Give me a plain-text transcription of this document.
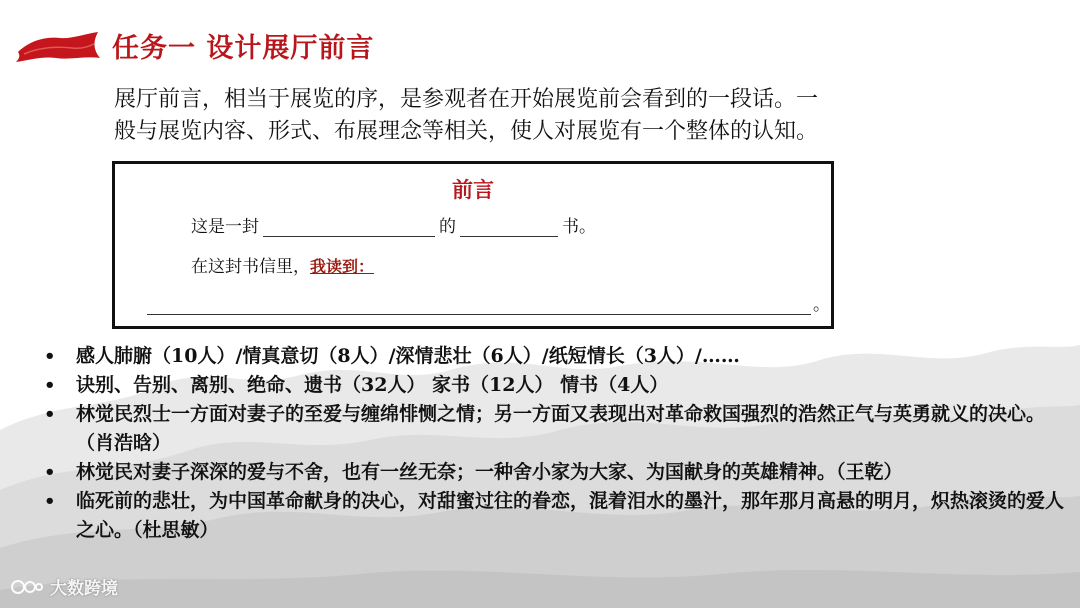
任务一 设计展厅前言

展厅前言，相当于展览的序，是参观者在开始展览前会看到的一段话。一
般与展览内容、形式、布展理念等相关，使人对展览有一个整体的认知。

前言
这是一封	的	书。
在这封书信里， 我读到：
。
• 感人肺腑（10人）/情真意切（8人）/深情悲壮（6人）/纸短情长（3人）/……
• 诀别、告别、离别、绝命、遗书（32人） 家书（12人） 情书（4人）
• 林觉民烈士一方面对妻子的至爱与缠绵悱恻之情；另一方面又表现出对革命救国强烈的浩然正气与英勇就义的决心。（肖浩晗）
• 林觉民对妻子深深的爱与不舍，也有一丝无奈；一种舍小家为大家、为国献身的英雄精神。（王乾）
• 临死前的悲壮，为中国革命献身的决心，对甜蜜过往的眷恋，混着泪水的墨汁，那年那月高悬的明月，炽热滚烫的爱人之心。（杜思敏）
大数跨境
